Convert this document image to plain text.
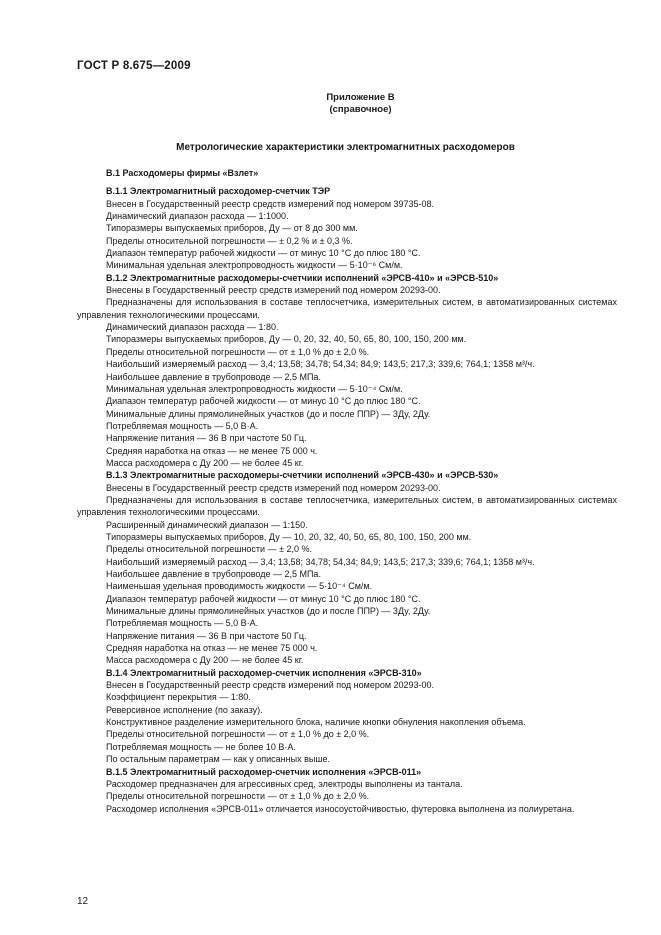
ГОСТ Р 8.675—2009
Приложение В
(справочное)
Метрологические характеристики электромагнитных расходомеров

В.1 Расходомеры фирмы «Взлет»

В.1.1 Электромагнитный расходомер-счетчик ТЭР

Внесен в Государственный реестр средств измерений под номером 39735-08.

Динамический диапазон расхода — 1:1000.

Типоразмеры выпускаемых приборов, Ду — от 8 до 300 мм.

Пределы относительной погрешности — ± 0,2 % и ± 0,3 %.

Диапазон температур рабочей жидкости — от минус 10 °С до плюс 180 °С.

Минимальная удельная электропроводность жидкости — 5·10⁻⁶ См/м.

В.1.2 Электромагнитные расходомеры-счетчики исполнений «ЭРСВ-410» и «ЭРСВ-510»

Внесены в Государственный реестр средств измерений под номером 20293-00.

Предназначены для использования в составе теплосчетчика, измерительных систем, в автоматизированных системах управления технологическими процессами.

Динамический диапазон расхода — 1:80.

Типоразмеры выпускаемых приборов, Ду — 0, 20, 32, 40, 50, 65, 80, 100, 150, 200 мм.

Пределы относительной погрешности — от ± 1,0 % до ± 2,0 %.

Наибольший измеряемый расход — 3,4; 13,58; 34,78; 54,34; 84,9; 143,5; 217,3; 339,6; 764,1; 1358 м³/ч.

Наибольшее давление в трубопроводе — 2,5 МПа.

Минимальная удельная электропроводность жидкости — 5·10⁻⁴ См/м.

Диапазон температур рабочей жидкости — от минус 10 °С до плюс 180 °С.

Минимальные длины прямолинейных участков (до и после ППР) — 3Ду, 2Ду.

Потребляемая мощность — 5,0 В·А.

Напряжение питания — 36 В при частоте 50 Гц.

Средняя наработка на отказ — не менее 75 000 ч.

Масса расходомера с Ду 200 — не более 45 кг.

В.1.3 Электромагнитные расходомеры-счетчики исполнений «ЭРСВ-430» и «ЭРСВ-530»

Внесены в Государственный реестр средств измерений под номером 20293-00.

Предназначены для использования в составе теплосчетчика, измерительных систем, в автоматизированных системах управления технологическими процессами.

Расширенный динамический диапазон — 1:150.

Типоразмеры выпускаемых приборов, Ду — 10, 20, 32, 40, 50, 65, 80, 100, 150, 200 мм.

Пределы относительной погрешности — ± 2,0 %.

Наибольший измеряемый расход — 3,4; 13,58; 34,78; 54,34; 84,9; 143,5; 217,3; 339,6; 764,1; 1358 м³/ч.

Наибольшее давление в трубопроводе — 2,5 МПа.

Наименьшая удельная проводимость жидкости — 5·10⁻⁴ См/м.

Диапазон температур рабочей жидкости — от минус 10 °С до плюс 180 °С.

Минимальные длины прямолинейных участков (до и после ППР) — 3Ду, 2Ду.

Потребляемая мощность — 5,0 В·А.

Напряжение питания — 36 В при частоте 50 Гц.

Средняя наработка на отказ — не менее 75 000 ч.

Масса расходомера с Ду 200 — не более 45 кг.

В.1.4 Электромагнитный расходомер-счетчик исполнения «ЭРСВ-310»

Внесен в Государственный реестр средств измерений под номером 20293-00.

Коэффициент перекрытия — 1:80.

Реверсивное исполнение (по заказу).

Конструктивное разделение измерительного блока, наличие кнопки обнуления накопления объема.

Пределы относительной погрешности — от ± 1,0 % до ± 2,0 %.

Потребляемая мощность — не более 10 В·А.

По остальным параметрам — как у описанных выше.

В.1.5 Электромагнитный расходомер-счетчик исполнения «ЭРСВ-011»

Расходомер предназначен для агрессивных сред, электроды выполнены из тантала.

Пределы относительной погрешности — от ± 1,0 % до ± 2,0 %.

Расходомер исполнения «ЭРСВ-011» отличается износоустойчивостью, футеровка выполнена из полиуретана.

12
